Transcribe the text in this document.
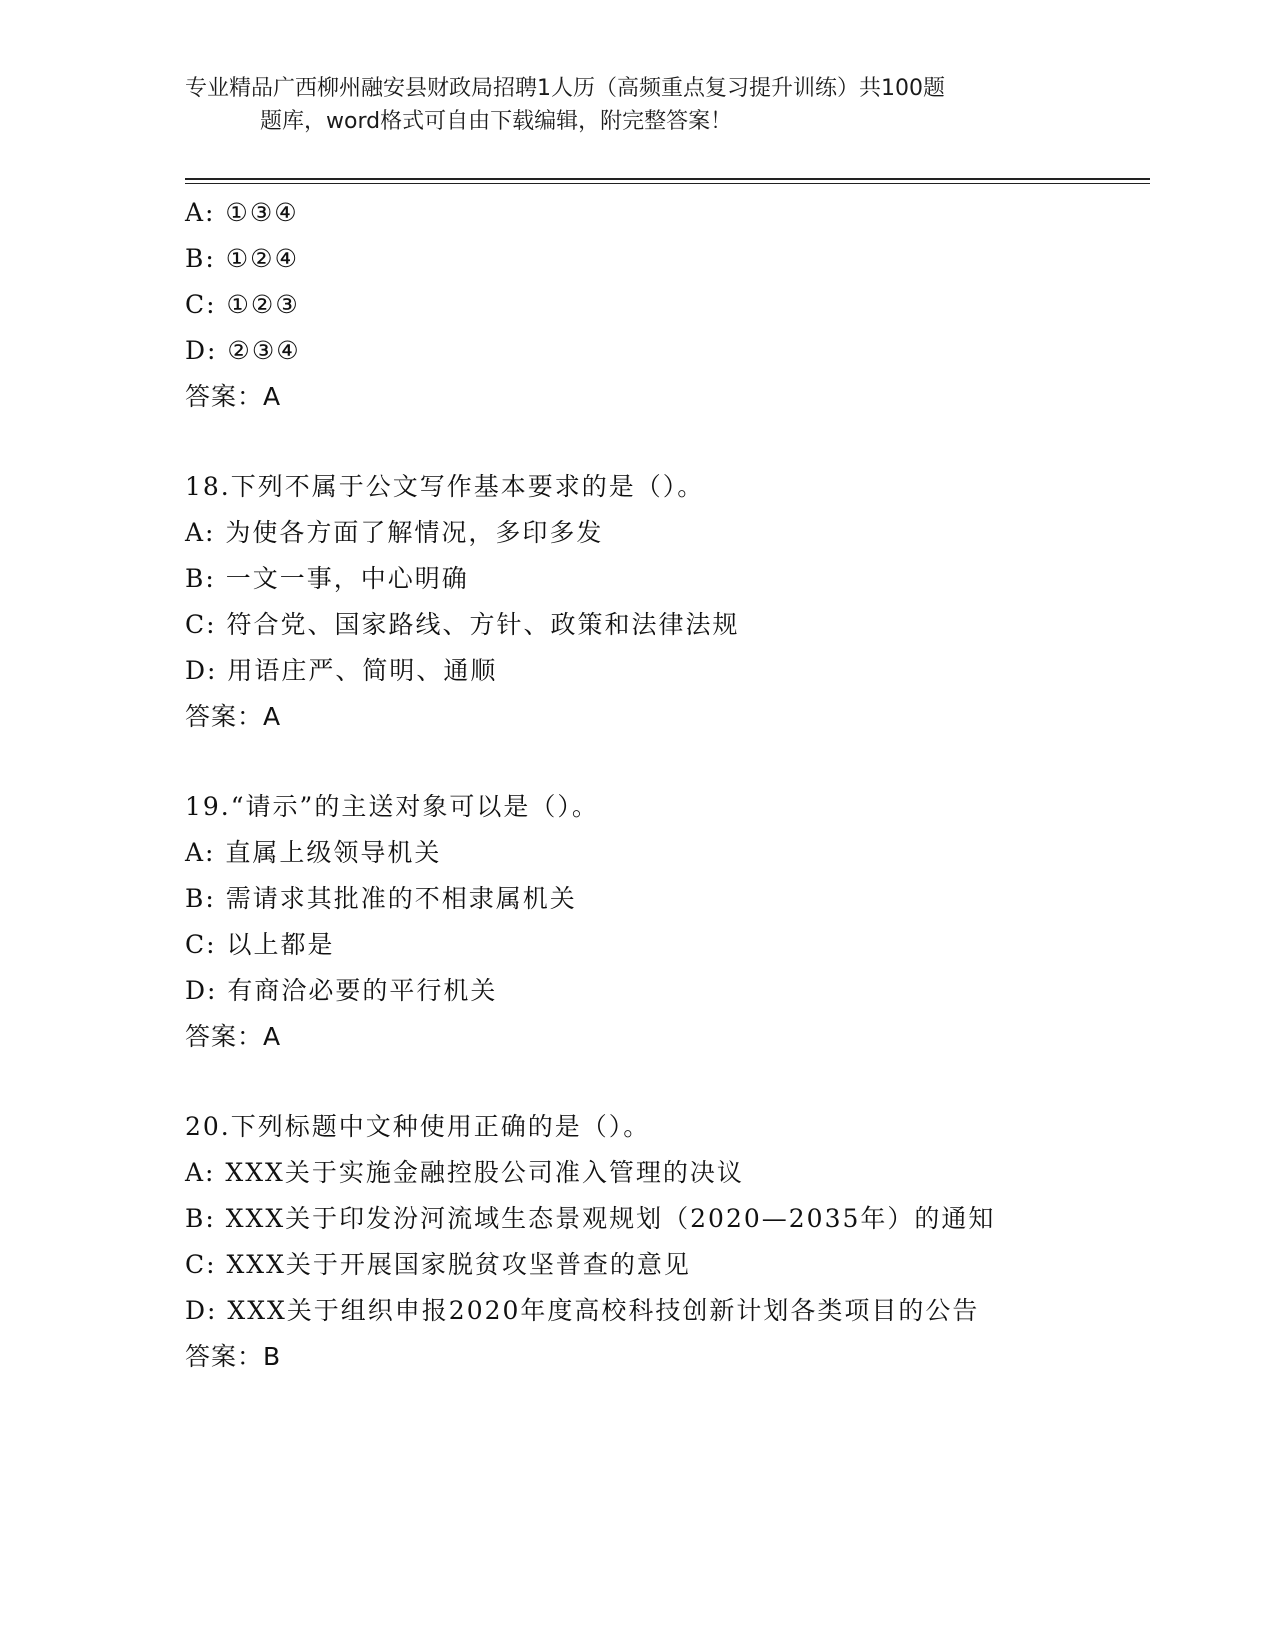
专业精品广西柳州融安县财政局招聘1人历（高频重点复习提升训练）共100题
题库，word格式可自由下载编辑，附完整答案！
A: ①③④
B: ①②④
C: ①②③
D: ②③④
答案：A
18.下列不属于公文写作基本要求的是（）。
A: 为使各方面了解情况，多印多发
B: 一文一事，中心明确
C: 符合党、国家路线、方针、政策和法律法规
D: 用语庄严、简明、通顺
答案：A
19.“请示”的主送对象可以是（）。
A: 直属上级领导机关
B: 需请求其批准的不相隶属机关
C: 以上都是
D: 有商洽必要的平行机关
答案：A
20.下列标题中文种使用正确的是（）。
A: XXX关于实施金融控股公司准入管理的决议
B: XXX关于印发汾河流域生态景观规划（2020—2035年）的通知
C: XXX关于开展国家脱贫攻坚普查的意见
D: XXX关于组织申报2020年度高校科技创新计划各类项目的公告
答案：B
